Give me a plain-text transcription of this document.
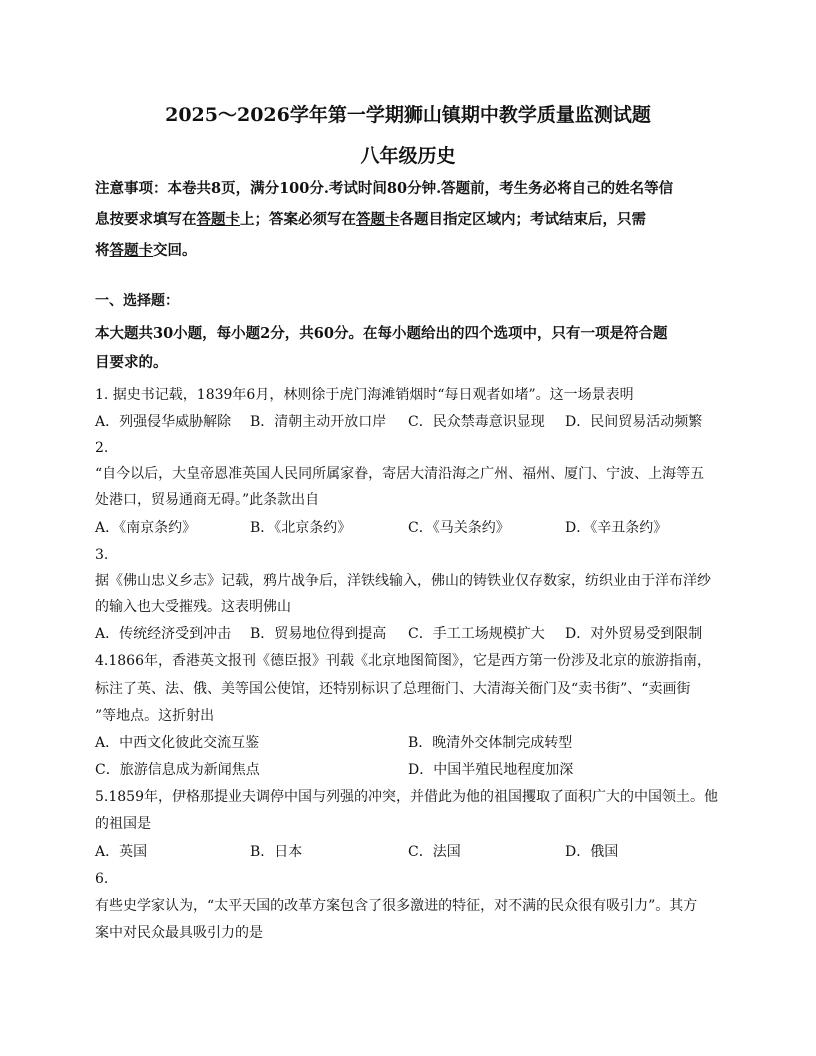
2025～2026学年第一学期狮山镇期中教学质量监测试题
八年级历史
注意事项：本卷共8页，满分100分.考试时间80分钟.答题前，考生务必将自己的姓名等信
息按要求填写在答题卡上；答案必须写在答题卡各题目指定区域内；考试结束后，只需
将答题卡交回。
一、选择题：
本大题共30小题，每小题2分，共60分。在每小题给出的四个选项中，只有一项是符合题
目要求的。
1. 据史书记载，1839年6月，林则徐于虎门海滩销烟时“每日观者如堵”。这一场景表明
A．列强侵华威胁解除 B．清朝主动开放口岸 C．民众禁毒意识显现 D．民间贸易活动频繁
2.
“自今以后，大皇帝恩准英国人民同所属家眷，寄居大清沿海之广州、福州、厦门、宁波、上海等五
处港口，贸易通商无碍。”此条款出自
A．《南京条约》	B．《北京条约》	C．《马关条约》	D．《辛丑条约》
3.
据《佛山忠义乡志》记载，鸦片战争后，洋铁线输入，佛山的铸铁业仅存数家，纺织业由于洋布洋纱
的输入也大受摧残。这表明佛山
A．传统经济受到冲击 B．贸易地位得到提高 C．手工工场规模扩大 D．对外贸易受到限制
4.1866年，香港英文报刊《德臣报》刊载《北京地图简图》，它是西方第一份涉及北京的旅游指南，
标注了英、法、俄、美等国公使馆，还特别标识了总理衙门、大清海关衙门及“卖书街”、“卖画街
”等地点。这折射出
A．中西文化彼此交流互鉴	B．晚清外交体制完成转型
C．旅游信息成为新闻焦点	D．中国半殖民地程度加深
5.1859年，伊格那提业夫调停中国与列强的冲突，并借此为他的祖国攫取了面积广大的中国领土。他
的祖国是
A．英国	B．日本	C．法国	D．俄国
6.
有些史学家认为，“太平天国的改革方案包含了很多激进的特征，对不满的民众很有吸引力”。其方
案中对民众最具吸引力的是
